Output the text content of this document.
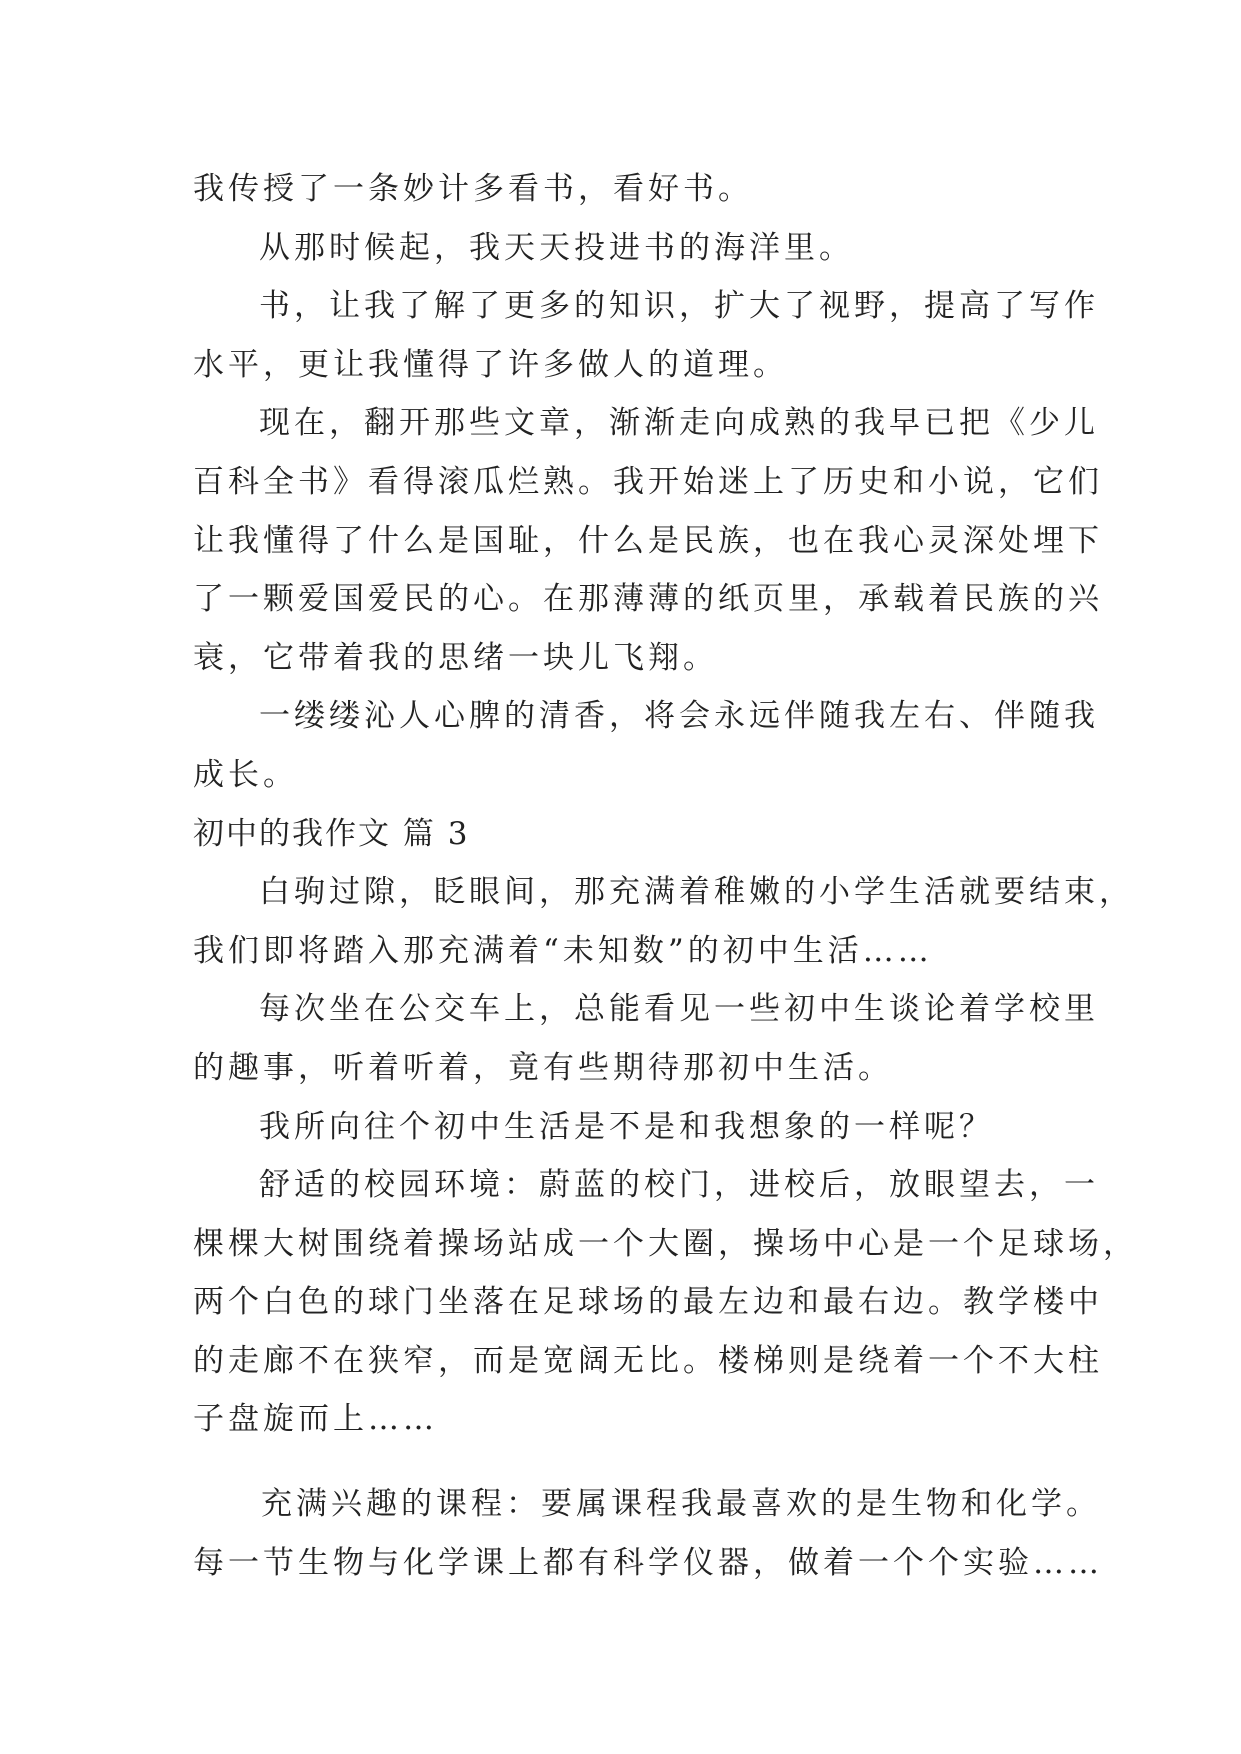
我传授了一条妙计多看书，看好书。
从那时候起，我天天投进书的海洋里。
书，让我了解了更多的知识，扩大了视野，提高了写作
水平，更让我懂得了许多做人的道理。
现在，翻开那些文章，渐渐走向成熟的我早已把《少儿
百科全书》看得滚瓜烂熟。我开始迷上了历史和小说，它们
让我懂得了什么是国耻，什么是民族，也在我心灵深处埋下
了一颗爱国爱民的心。在那薄薄的纸页里，承载着民族的兴
衰，它带着我的思绪一块儿飞翔。
一缕缕沁人心脾的清香，将会永远伴随我左右、伴随我
成长。
初中的我作文 篇 3
白驹过隙，眨眼间，那充满着稚嫩的小学生活就要结束，
我们即将踏入那充满着“未知数”的初中生活……
每次坐在公交车上，总能看见一些初中生谈论着学校里
的趣事，听着听着，竟有些期待那初中生活。
我所向往个初中生活是不是和我想象的一样呢？
舒适的校园环境：蔚蓝的校门，进校后，放眼望去，一
棵棵大树围绕着操场站成一个大圈，操场中心是一个足球场，
两个白色的球门坐落在足球场的最左边和最右边。教学楼中
的走廊不在狭窄，而是宽阔无比。楼梯则是绕着一个不大柱
子盘旋而上……
充满兴趣的课程：要属课程我最喜欢的是生物和化学。
每一节生物与化学课上都有科学仪器，做着一个个实验……
